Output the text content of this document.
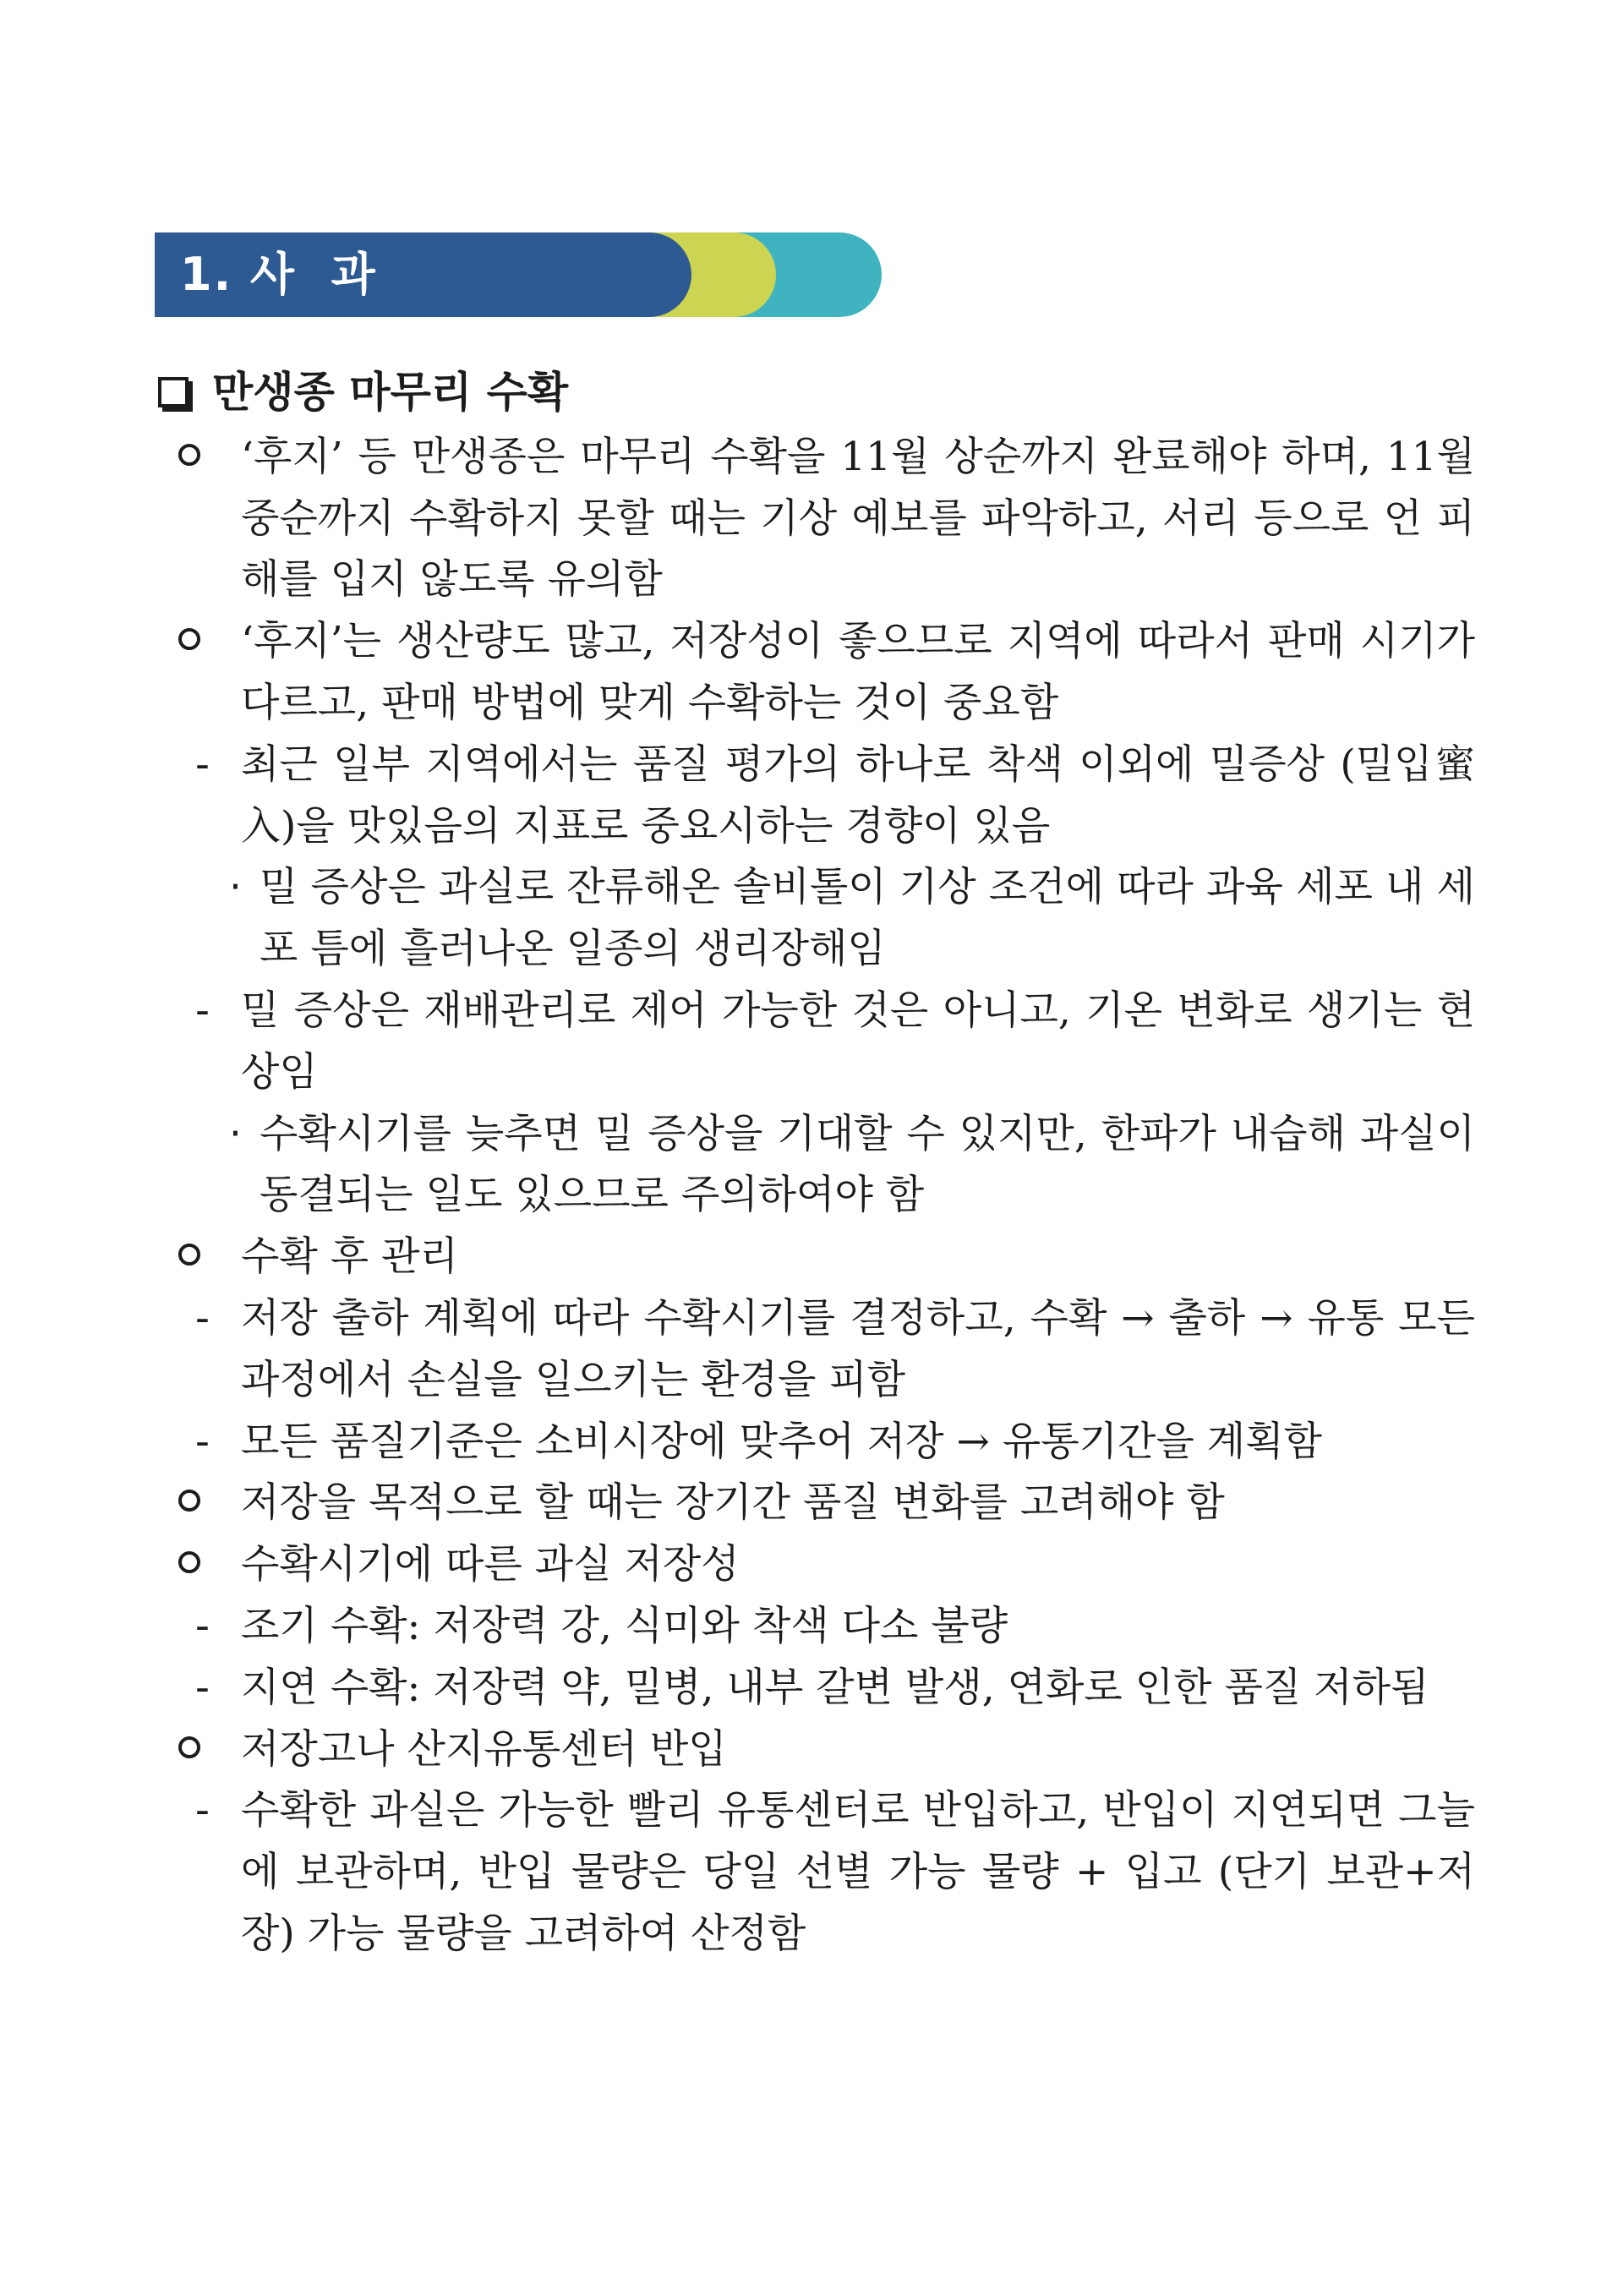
1. 사  과
만생종 마무리 수확
‘후지’ 등 만생종은 마무리 수확을 11월 상순까지 완료해야 하며, 11월 중순까지 수확하지 못할 때는 기상 예보를 파악하고, 서리 등으로 언 피해를 입지 않도록 유의함
‘후지’는 생산량도 많고, 저장성이 좋으므로 지역에 따라서 판매 시기가 다르고, 판매 방법에 맞게 수확하는 것이 중요함
- 최근 일부 지역에서는 품질 평가의 하나로 착색 이외에 밀증상 (밀입蜜入)을 맛있음의 지표로 중요시하는 경향이 있음
· 밀 증상은 과실로 잔류해온 솔비톨이 기상 조건에 따라 과육 세포 내 세포 틈에 흘러나온 일종의 생리장해임
- 밀 증상은 재배관리로 제어 가능한 것은 아니고, 기온 변화로 생기는 현상임
· 수확시기를 늦추면 밀 증상을 기대할 수 있지만, 한파가 내습해 과실이 동결되는 일도 있으므로 주의하여야 함
수확 후 관리
- 저장 출하 계획에 따라 수확시기를 결정하고, 수확 → 출하 → 유통 모든 과정에서 손실을 일으키는 환경을 피함
- 모든 품질기준은 소비시장에 맞추어 저장 → 유통기간을 계획함
저장을 목적으로 할 때는 장기간 품질 변화를 고려해야 함
수확시기에 따른 과실 저장성
- 조기 수확: 저장력 강, 식미와 착색 다소 불량
- 지연 수확: 저장력 약, 밀병, 내부 갈변 발생, 연화로 인한 품질 저하됨
저장고나 산지유통센터 반입
- 수확한 과실은 가능한 빨리 유통센터로 반입하고, 반입이 지연되면 그늘에 보관하며, 반입 물량은 당일 선별 가능 물량 + 입고 (단기 보관+저장) 가능 물량을 고려하여 산정함
